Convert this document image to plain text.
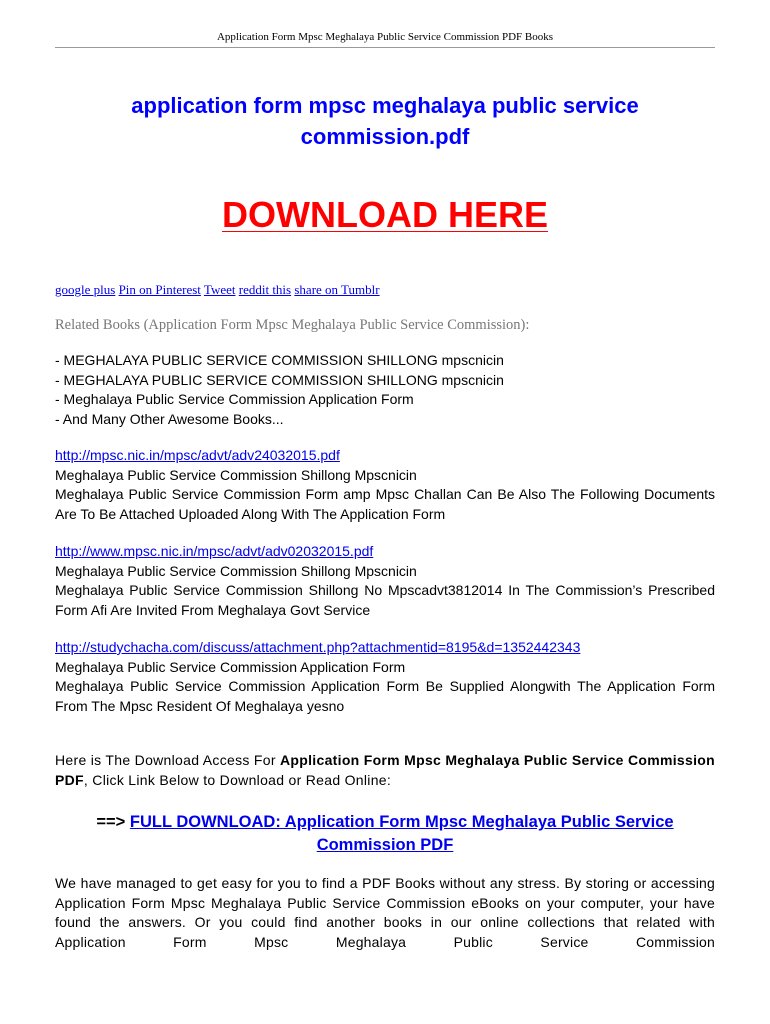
Application Form Mpsc Meghalaya Public Service Commission PDF Books
application form mpsc meghalaya public service commission.pdf
DOWNLOAD HERE
google plus Pin on Pinterest Tweet reddit this share on Tumblr
Related Books (Application Form Mpsc Meghalaya Public Service Commission):
- MEGHALAYA PUBLIC SERVICE COMMISSION SHILLONG mpscnicin
- MEGHALAYA PUBLIC SERVICE COMMISSION SHILLONG mpscnicin
- Meghalaya Public Service Commission Application Form
- And Many Other Awesome Books...
http://mpsc.nic.in/mpsc/advt/adv24032015.pdf
Meghalaya Public Service Commission Shillong Mpscnicin
Meghalaya Public Service Commission Form amp Mpsc Challan Can Be Also The Following Documents Are To Be Attached Uploaded Along With The Application Form
http://www.mpsc.nic.in/mpsc/advt/adv02032015.pdf
Meghalaya Public Service Commission Shillong Mpscnicin
Meghalaya Public Service Commission Shillong No Mpscadvt3812014 In The Commission’s Prescribed Form Afi Are Invited From Meghalaya Govt Service
http://studychacha.com/discuss/attachment.php?attachmentid=8195&d=1352442343
Meghalaya Public Service Commission Application Form
Meghalaya Public Service Commission Application Form Be Supplied Alongwith The Application Form From The Mpsc Resident Of Meghalaya yesno
Here is The Download Access For Application Form Mpsc Meghalaya Public Service Commission PDF, Click Link Below to Download or Read Online:
==> FULL DOWNLOAD: Application Form Mpsc Meghalaya Public Service Commission PDF
We have managed to get easy for you to find a PDF Books without any stress. By storing or accessing Application Form Mpsc Meghalaya Public Service Commission eBooks on your computer, your have found the answers. Or you could find another books in our online collections that related with Application Form Mpsc Meghalaya Public Service Commission
